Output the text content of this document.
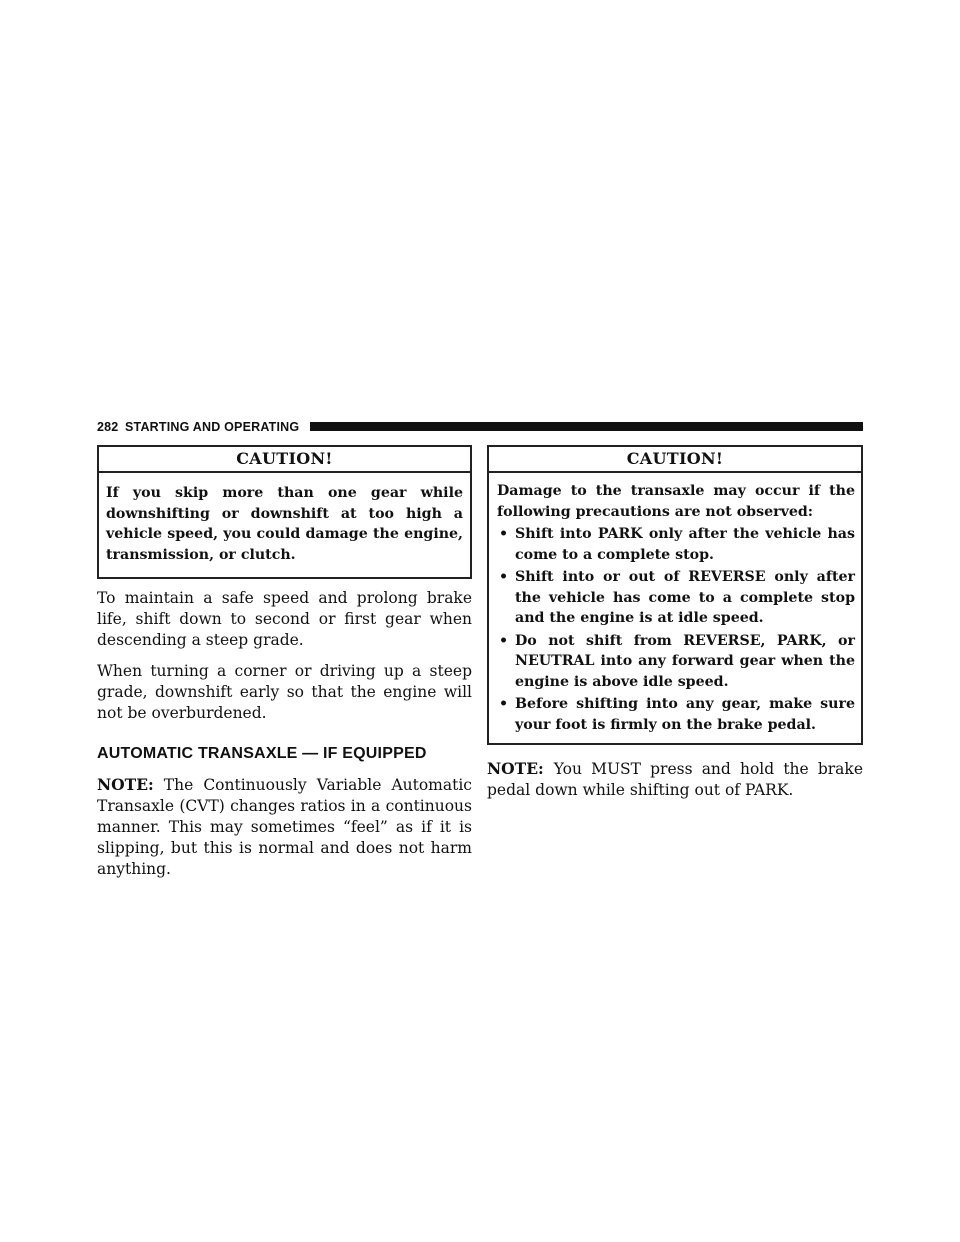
282 STARTING AND OPERATING
CAUTION!
If you skip more than one gear while downshifting or downshift at too high a vehicle speed, you could damage the engine, transmission, or clutch.

To maintain a safe speed and prolong brake life, shift down to second or first gear when descending a steep grade.

When turning a corner or driving up a steep grade, downshift early so that the engine will not be overburdened.

AUTOMATIC TRANSAXLE — IF EQUIPPED

NOTE: The Continuously Variable Automatic Transaxle (CVT) changes ratios in a continuous manner. This may sometimes “feel” as if it is slipping, but this is normal and does not harm anything.

CAUTION!
Damage to the transaxle may occur if the following precautions are not observed:
• Shift into PARK only after the vehicle has come to a complete stop.
• Shift into or out of REVERSE only after the vehicle has come to a complete stop and the engine is at idle speed.
• Do not shift from REVERSE, PARK, or NEUTRAL into any forward gear when the engine is above idle speed.
• Before shifting into any gear, make sure your foot is firmly on the brake pedal.

NOTE: You MUST press and hold the brake pedal down while shifting out of PARK.
